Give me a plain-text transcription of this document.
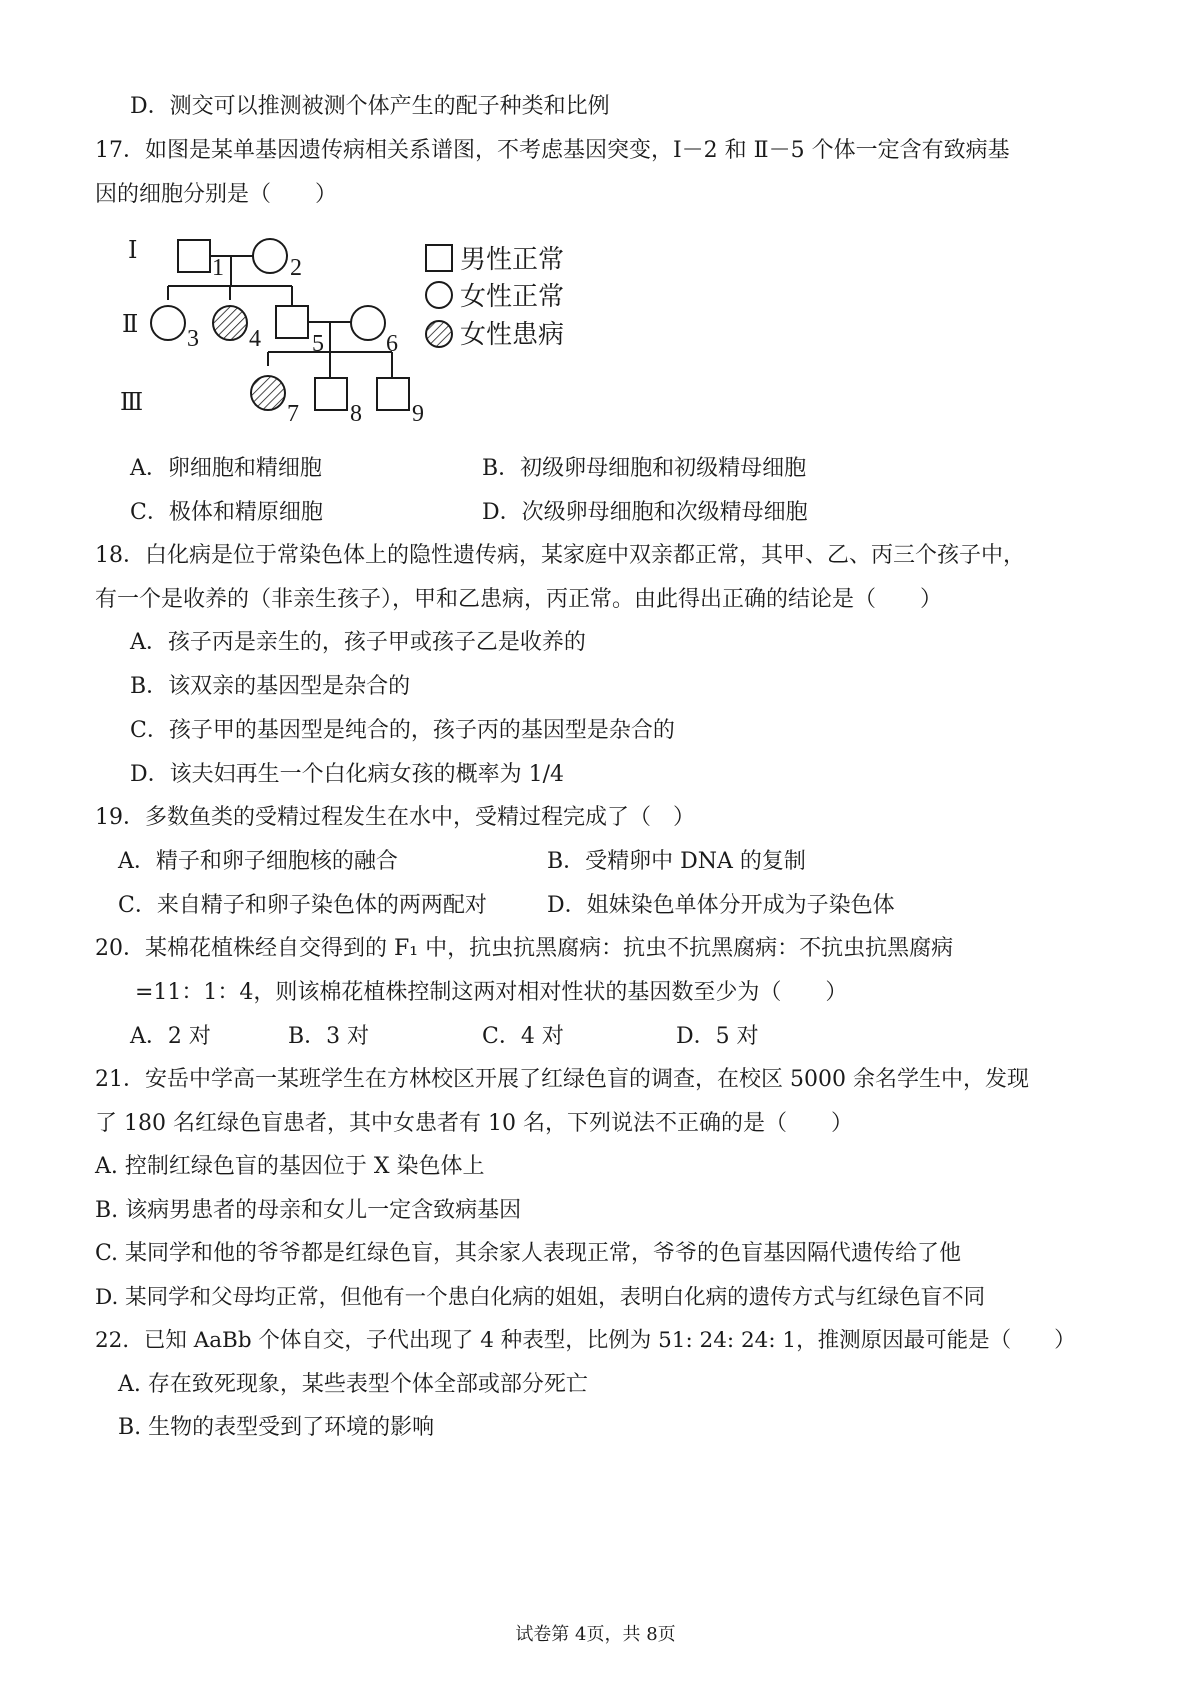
D．测交可以推测被测个体产生的配子种类和比例
17．如图是某单基因遗传病相关系谱图，不考虑基因突变，Ⅰ－2 和 Ⅱ－5 个体一定含有致病基
因的细胞分别是（　　）
Ⅰ
Ⅱ
Ⅲ
1	2
3 4 5	6
7 8 9
男性正常
女性正常
女性患病
A．卵细胞和精细胞	B．初级卵母细胞和初级精母细胞
C．极体和精原细胞	D．次级卵母细胞和次级精母细胞
18．白化病是位于常染色体上的隐性遗传病，某家庭中双亲都正常，其甲、乙、丙三个孩子中，
有一个是收养的（非亲生孩子），甲和乙患病，丙正常。由此得出正确的结论是（　　）
A．孩子丙是亲生的，孩子甲或孩子乙是收养的
B．该双亲的基因型是杂合的
C．孩子甲的基因型是纯合的，孩子丙的基因型是杂合的
D．该夫妇再生一个白化病女孩的概率为 1/4
19．多数鱼类的受精过程发生在水中，受精过程完成了（　）
A．精子和卵子细胞核的融合	B．受精卵中 DNA 的复制
C．来自精子和卵子染色体的两两配对	D．姐妹染色单体分开成为子染色体
20．某棉花植株经自交得到的 F₁ 中，抗虫抗黑腐病：抗虫不抗黑腐病：不抗虫抗黑腐病
=11：1：4，则该棉花植株控制这两对相对性状的基因数至少为（　　）
A．2 对	B．3 对	C．4 对	D．5 对
21．安岳中学高一某班学生在方林校区开展了红绿色盲的调查，在校区 5000 余名学生中，发现
了 180 名红绿色盲患者，其中女患者有 10 名，下列说法不正确的是（　　）
A. 控制红绿色盲的基因位于 X 染色体上
B. 该病男患者的母亲和女儿一定含致病基因
C. 某同学和他的爷爷都是红绿色盲，其余家人表现正常，爷爷的色盲基因隔代遗传给了他
D. 某同学和父母均正常，但他有一个患白化病的姐姐，表明白化病的遗传方式与红绿色盲不同
22．已知 AaBb 个体自交，子代出现了 4 种表型，比例为 51: 24: 24: 1，推测原因最可能是（　　）
A. 存在致死现象，某些表型个体全部或部分死亡
B. 生物的表型受到了环境的影响
试卷第 4页，共 8页
